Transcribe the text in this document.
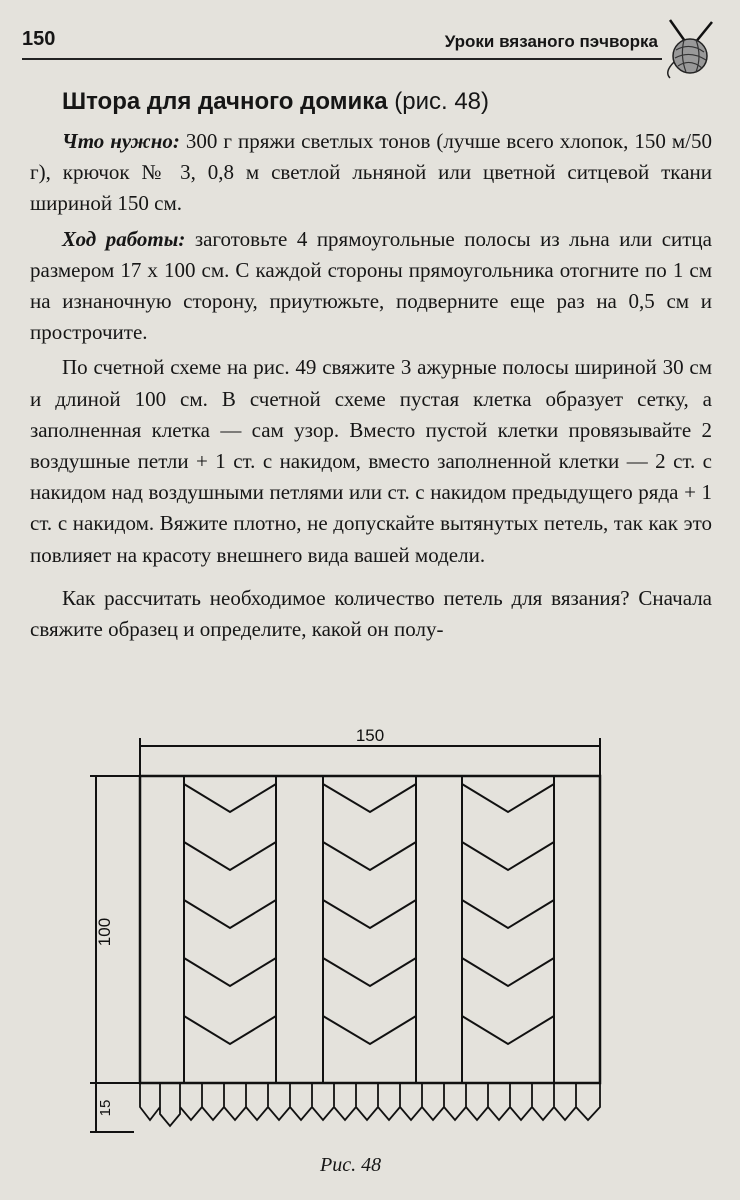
150	Уроки вязаного пэчворка
Штора для дачного домика (рис. 48)

Что нужно: 300 г пряжи светлых тонов (лучше всего хлопок, 150 м/50 г), крючок № 3, 0,8 м светлой льняной или цветной ситцевой ткани шириной 150 см.

Ход работы: заготовьте 4 прямоугольные полосы из льна или ситца размером 17 х 100 см. С каждой стороны прямоугольника отогните по 1 см на изнаночную сторону, приутюжьте, подверните еще раз на 0,5 см и прострочите.

По счетной схеме на рис. 49 свяжите 3 ажурные полосы шириной 30 см и длиной 100 см. В счетной схеме пустая клетка образует сетку, а заполненная клетка — сам узор. Вместо пустой клетки провязывайте 2 воздушные петли + 1 ст. с накидом, вместо заполненной клетки — 2 ст. с накидом над воздушными петлями или ст. с накидом предыдущего ряда + 1 ст. с накидом. Вяжите плотно, не допускайте вытянутых петель, так как это повлияет на красоту внешнего вида вашей модели.

Как рассчитать необходимое количество петель для вязания? Сначала свяжите образец и определите, какой он полу-

150
100
15
Рис. 48
